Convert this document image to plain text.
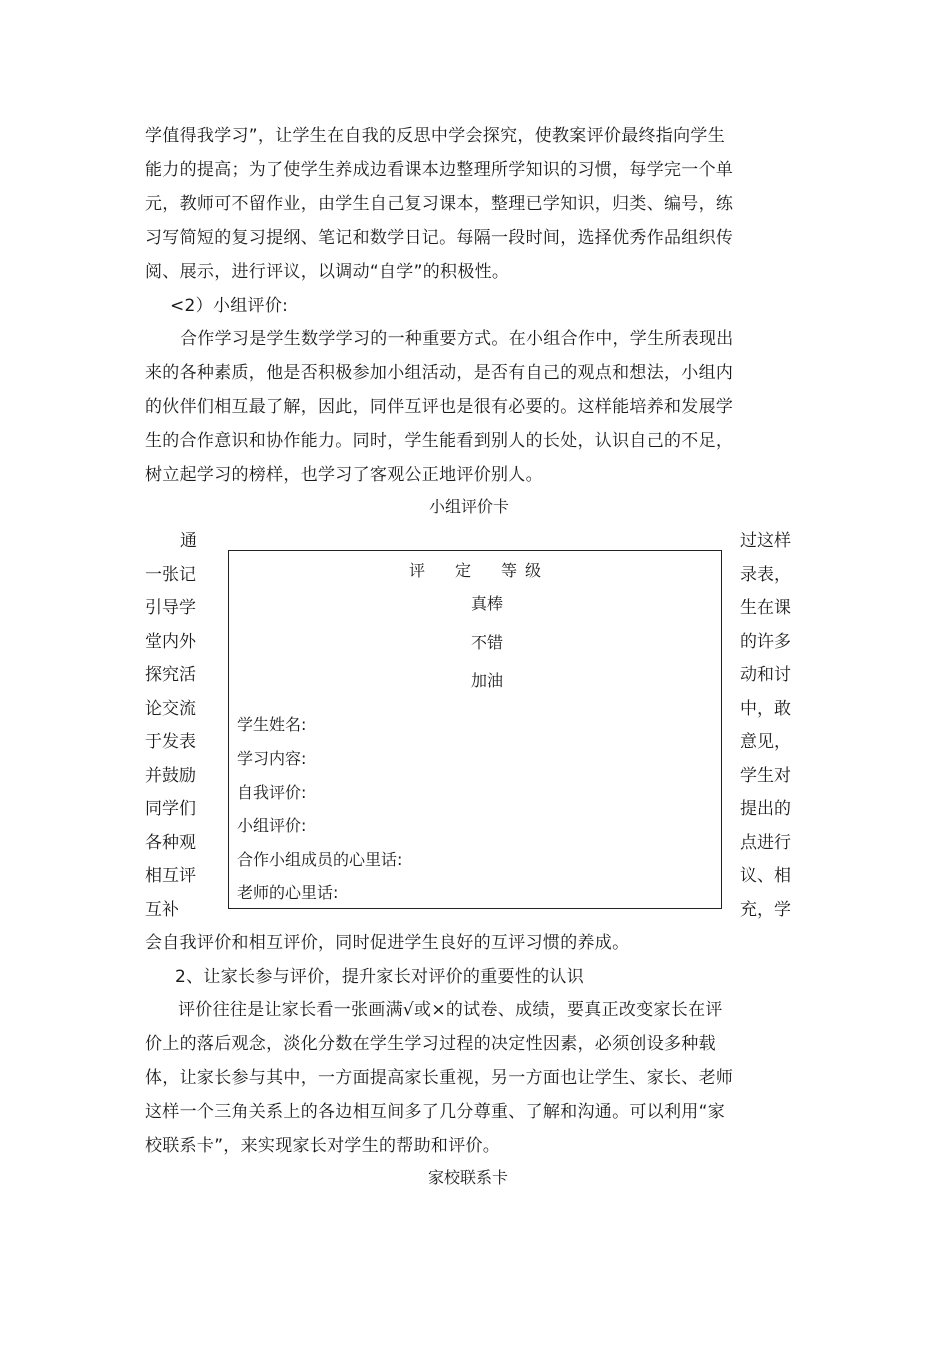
学值得我学习”，让学生在自我的反思中学会探究，使教案评价最终指向学生
能力的提高；为了使学生养成边看课本边整理所学知识的习惯，每学完一个单
元，教师可不留作业，由学生自己复习课本，整理已学知识，归类、编号，练
习写简短的复习提纲、笔记和数学日记。每隔一段时间，选择优秀作品组织传
阅、展示，进行评议，以调动“自学”的积极性。
<2）小组评价:
合作学习是学生数学学习的一种重要方式。在小组合作中，学生所表现出
来的各种素质，他是否积极参加小组活动，是否有自己的观点和想法，小组内
的伙伴们相互最了解，因此，同伴互评也是很有必要的。这样能培养和发展学
生的合作意识和协作能力。同时，学生能看到别人的长处，认识自己的不足，
树立起学习的榜样，也学习了客观公正地评价别人。
小组评价卡
通
一张记
引导学
堂内外
探究活
论交流
于发表
并鼓励
同学们
各种观
相互评
互补
过这样
录表，
生在课
的许多
动和讨
中，敢
意见，
学生对
提出的
点进行
议、相
充，学
评 定 等 级
真棒
不错
加油
学生姓名:
学习内容:
自我评价:
小组评价:
合作小组成员的心里话:
老师的心里话:
会自我评价和相互评价，同时促进学生良好的互评习惯的养成。
2、让家长参与评价，提升家长对评价的重要性的认识
评价往往是让家长看一张画满√或×的试卷、成绩，要真正改变家长在评
价上的落后观念，淡化分数在学生学习过程的决定性因素，必须创设多种载
体，让家长参与其中，一方面提高家长重视，另一方面也让学生、家长、老师
这样一个三角关系上的各边相互间多了几分尊重、了解和沟通。可以利用“家
校联系卡”，来实现家长对学生的帮助和评价。
家校联系卡
